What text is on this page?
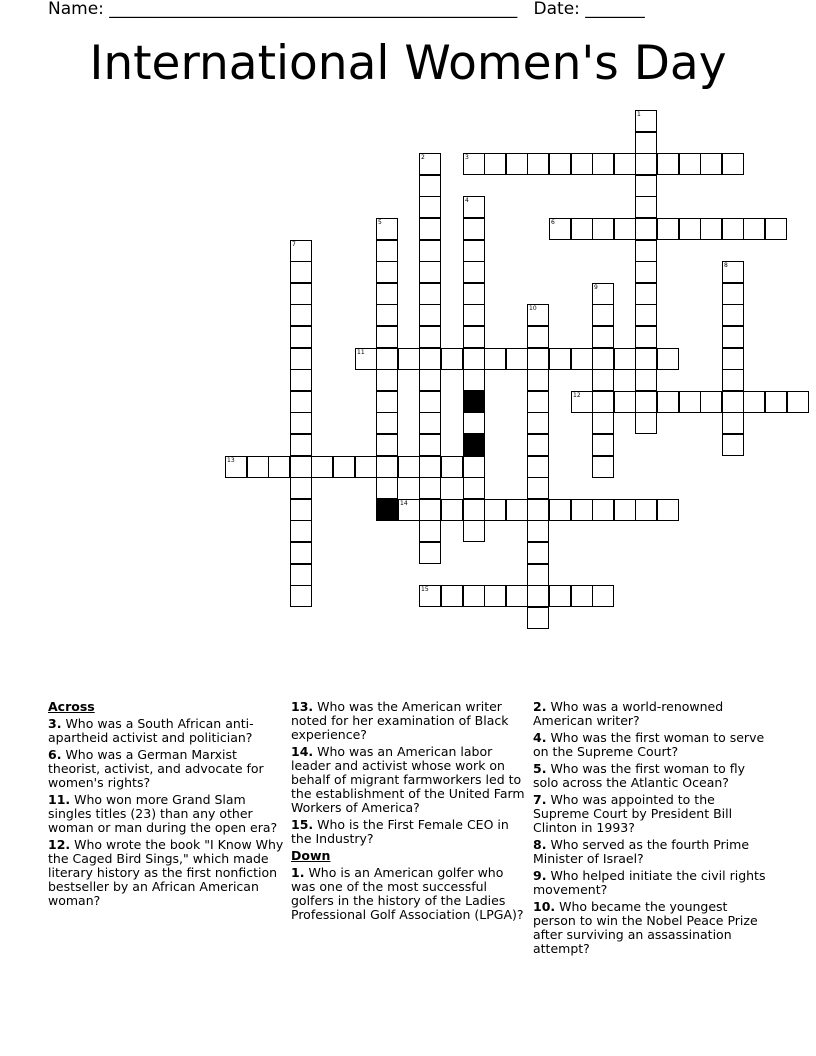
Name: ________________________________________________ Date: _______
International Women's Day
1
2	3
4
5	6
7
8
9
10
11
12
13
14
15
Across
3. Who was a South African anti-apartheid activist and politician?
6. Who was a German Marxist theorist, activist, and advocate for women's rights?
11. Who won more Grand Slam singles titles (23) than any other woman or man during the open era?
12. Who wrote the book "I Know Why the Caged Bird Sings," which made literary history as the first nonfiction bestseller by an African American woman?
13. Who was the American writer noted for her examination of Black experience?
14. Who was an American labor leader and activist whose work on behalf of migrant farmworkers led to the establishment of the United Farm Workers of America?
15. Who is the First Female CEO in the Industry?
Down
1. Who is an American golfer who was one of the most successful golfers in the history of the Ladies Professional Golf Association (LPGA)?
2. Who was a world-renowned American writer?
4. Who was the first woman to serve on the Supreme Court?
5. Who was the first woman to fly solo across the Atlantic Ocean?
7. Who was appointed to the Supreme Court by President Bill Clinton in 1993?
8. Who served as the fourth Prime Minister of Israel?
9. Who helped initiate the civil rights movement?
10. Who became the youngest person to win the Nobel Peace Prize after surviving an assassination attempt?
